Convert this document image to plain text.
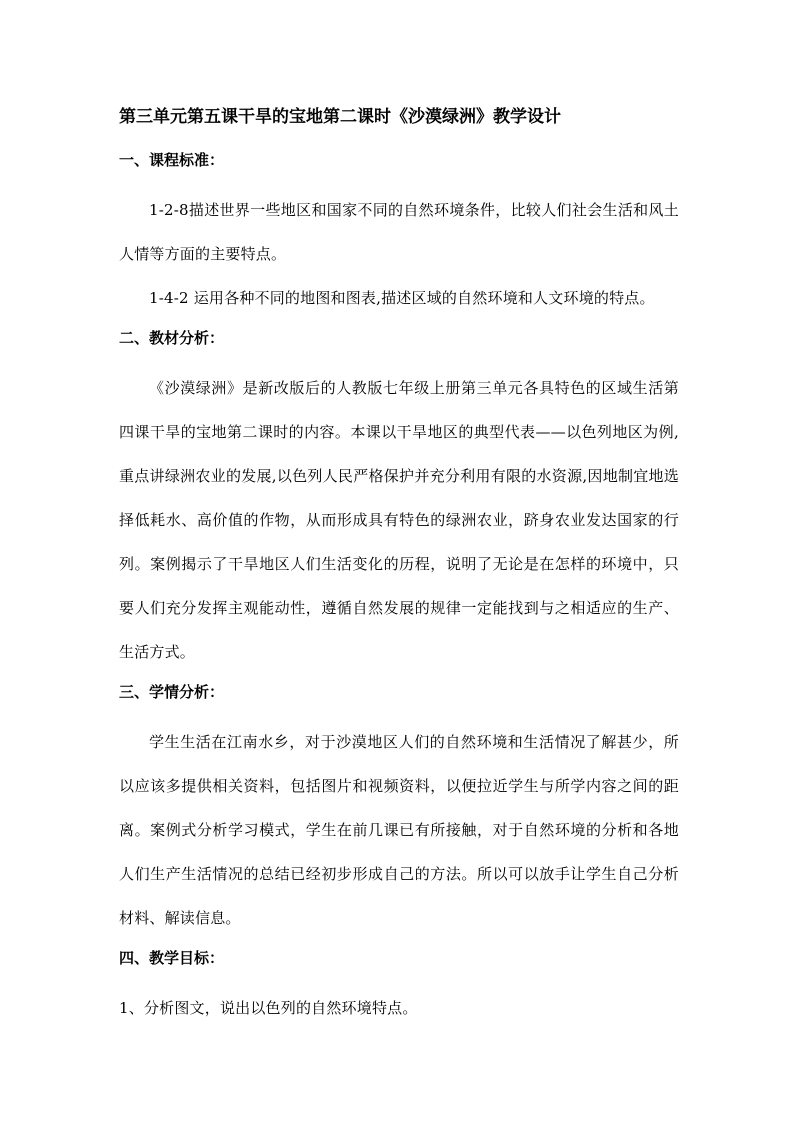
第三单元第五课干旱的宝地第二课时《沙漠绿洲》教学设计
一、课程标准：

1-2-8描述世界一些地区和国家不同的自然环境条件，比较人们社会生活和风土人情等方面的主要特点。

1-4-2 运用各种不同的地图和图表,描述区域的自然环境和人文环境的特点。

二、教材分析：

《沙漠绿洲》是新改版后的人教版七年级上册第三单元各具特色的区域生活第四课干旱的宝地第二课时的内容。本课以干旱地区的典型代表——以色列地区为例,重点讲绿洲农业的发展,以色列人民严格保护并充分利用有限的水资源,因地制宜地选择低耗水、高价值的作物，从而形成具有特色的绿洲农业，跻身农业发达国家的行列。案例揭示了干旱地区人们生活变化的历程，说明了无论是在怎样的环境中，只要人们充分发挥主观能动性，遵循自然发展的规律一定能找到与之相适应的生产、生活方式。

三、学情分析：

学生生活在江南水乡，对于沙漠地区人们的自然环境和生活情况了解甚少，所以应该多提供相关资料，包括图片和视频资料，以便拉近学生与所学内容之间的距离。案例式分析学习模式，学生在前几课已有所接触，对于自然环境的分析和各地人们生产生活情况的总结已经初步形成自己的方法。所以可以放手让学生自己分析材料、解读信息。

四、教学目标：

1、分析图文，说出以色列的自然环境特点。
